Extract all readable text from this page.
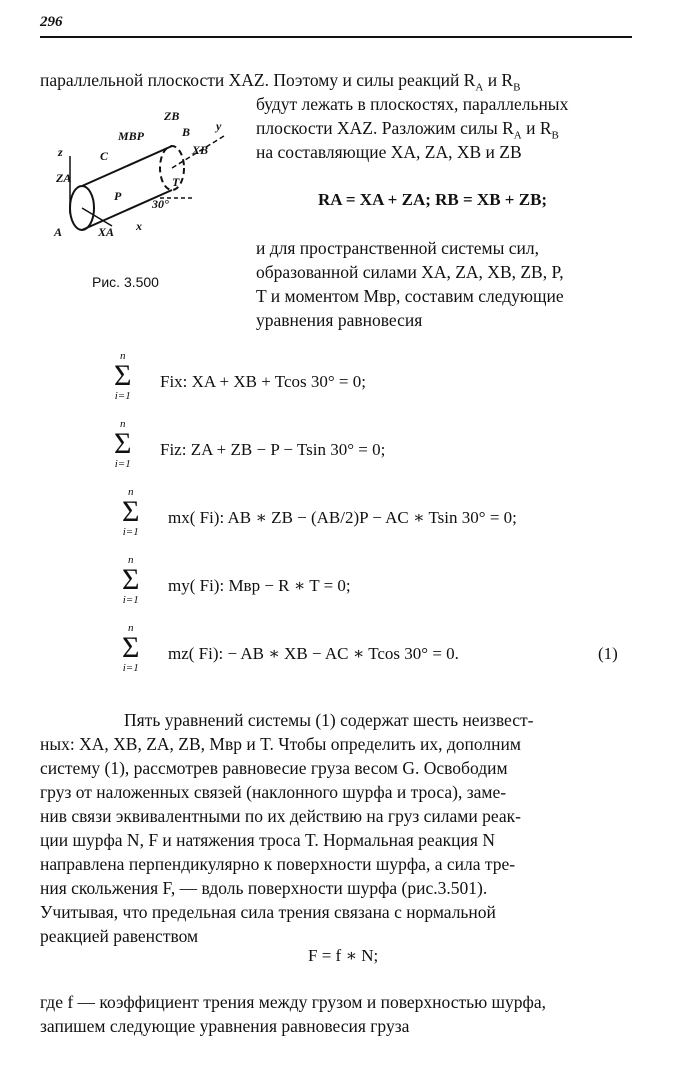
296
параллельной плоскости XAZ. Поэтому и силы реакций $R_A$ и $R_B$
будут лежать в плоскостях, параллельных
плоскости XAZ. Разложим силы $R_A$ и $R_B$
на составляющие XA, ZA, XB и ZB
z
ZA
C
MBP
ZB
B y
XB
T
P
30°
XA x
A
Рис. 3.500
RA = XA + ZA; RB = XB + ZB;
и для пространственной системы сил,
образованной силами XA, ZA, XB, ZB, P,
T и моментом Mвр, составим следующие
уравнения равновесия
n
Σ
i=1
Fix: XA + XB + Tcos 30° = 0;
n
Σ
i=1
Fiz: ZA + ZB − P − Tsin 30° = 0;
n
Σ
i=1
mx( Fi): AB ∗ ZB − (AB/2)P − AC ∗ Tsin 30° = 0;
n
Σ
i=1
my( Fi): Mвр − R ∗ T = 0;
n
Σ
i=1
mz( Fi): − AB ∗ XB − AC ∗ Tcos 30° = 0.	(1)
Пять уравнений системы (1) содержат шесть неизвест-
ных: XA, XB, ZA, ZB, Mвр и T. Чтобы определить их, дополним
систему (1), рассмотрев равновесие груза весом G. Освободим
груз от наложенных связей (наклонного шурфа и троса), заме-
нив связи эквивалентными по их действию на груз силами реак-
ции шурфа N, F и натяжения троса T. Нормальная реакция N
направлена перпендикулярно к поверхности шурфа, а сила тре-
ния скольжения F, — вдоль поверхности шурфа (рис.3.501).
Учитывая, что предельная сила трения связана с нормальной
реакцией равенством
F = f ∗ N;
где f — коэффициент трения между грузом и поверхностью шурфа,
запишем следующие уравнения равновесия груза
